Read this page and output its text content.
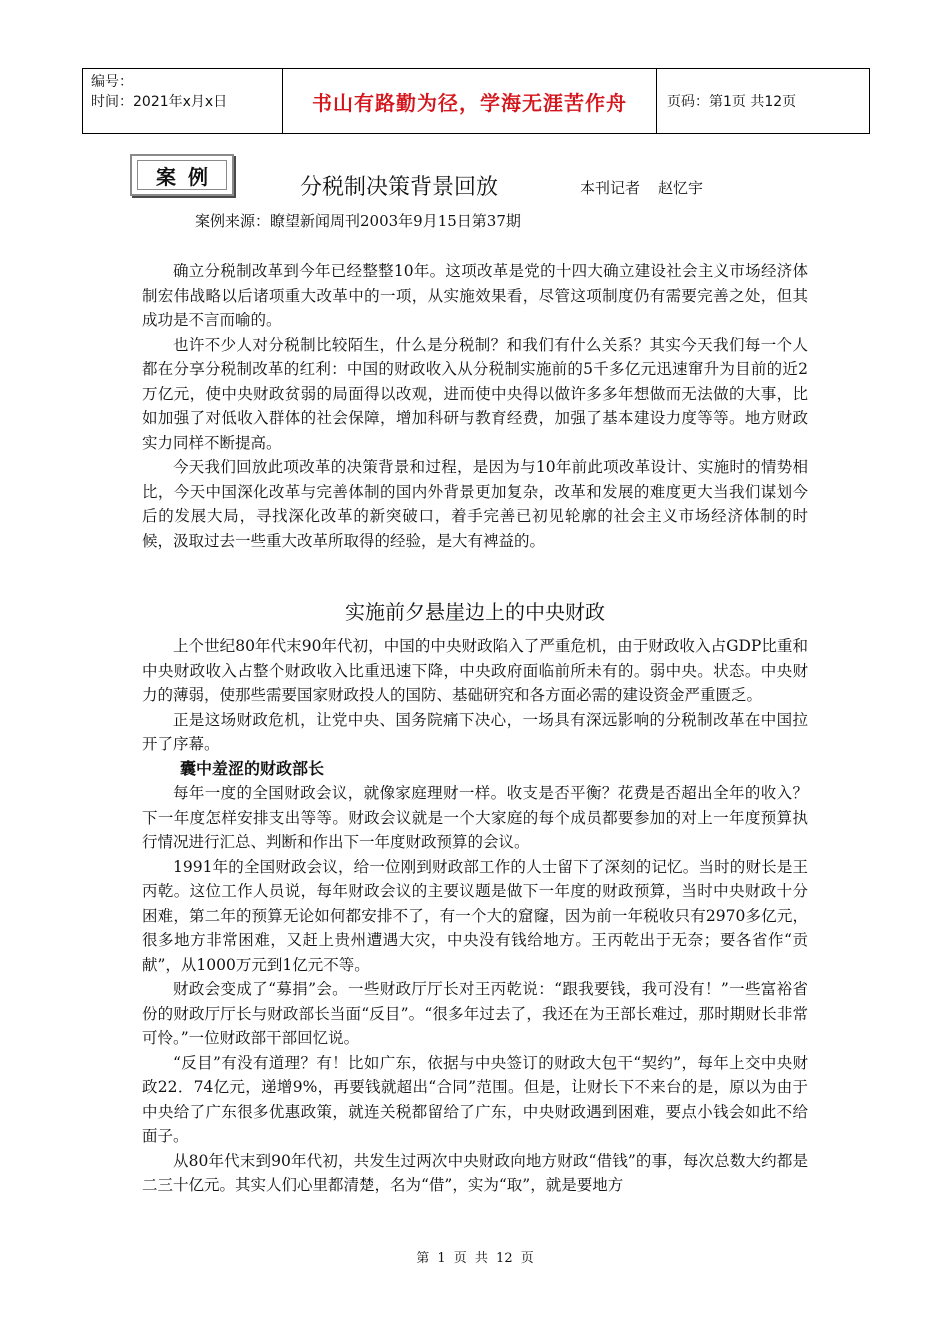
编号：
时间：2021年x月x日	书山有路勤为径，学海无涯苦作舟	页码：第1页 共12页
案例	分税制决策背景回放	本刊记者 赵忆宇
案例来源：瞭望新闻周刊2003年9月15日第37期

确立分税制改革到今年已经整整10年。这项改革是党的十四大确立建设社会主义市场经济体制宏伟战略以后诸项重大改革中的一项，从实施效果看，尽管这项制度仍有需要完善之处，但其成功是不言而喻的。

也许不少人对分税制比较陌生，什么是分税制？和我们有什么关系？其实今天我们每一个人都在分享分税制改革的红利：中国的财政收入从分税制实施前的5千多亿元迅速窜升为目前的近2万亿元，使中央财政贫弱的局面得以改观，进而使中央得以做许多多年想做而无法做的大事，比如加强了对低收入群体的社会保障，增加科研与教育经费，加强了基本建设力度等等。地方财政实力同样不断提高。

今天我们回放此项改革的决策背景和过程，是因为与10年前此项改革设计、实施时的情势相比，今天中国深化改革与完善体制的国内外背景更加复杂，改革和发展的难度更大当我们谋划今后的发展大局，寻找深化改革的新突破口，着手完善已初见轮廓的社会主义市场经济体制的时候，汲取过去一些重大改革所取得的经验，是大有裨益的。

实施前夕悬崖边上的中央财政

上个世纪80年代末90年代初，中国的中央财政陷入了严重危机，由于财政收入占GDP比重和中央财政收入占整个财政收入比重迅速下降，中央政府面临前所未有的。弱中央。状态。中央财力的薄弱，使那些需要国家财政投人的国防、基础研究和各方面必需的建设资金严重匮乏。

正是这场财政危机，让党中央、国务院痛下决心，一场具有深远影响的分税制改革在中国拉开了序幕。

囊中羞涩的财政部长

每年一度的全国财政会议，就像家庭理财一样。收支是否平衡？花费是否超出全年的收入？下一年度怎样安排支出等等。财政会议就是一个大家庭的每个成员都要参加的对上一年度预算执行情况进行汇总、判断和作出下一年度财政预算的会议。

1991年的全国财政会议，给一位刚到财政部工作的人士留下了深刻的记忆。当时的财长是王丙乾。这位工作人员说，每年财政会议的主要议题是做下一年度的财政预算，当时中央财政十分困难，第二年的预算无论如何都安排不了，有一个大的窟窿，因为前一年税收只有2970多亿元，很多地方非常困难，又赶上贵州遭遇大灾，中央没有钱给地方。王丙乾出于无奈；要各省作“贡献”，从1000万元到1亿元不等。

财政会变成了“募捐”会。一些财政厅厅长对王丙乾说：“跟我要钱，我可没有！”一些富裕省份的财政厅厅长与财政部长当面“反目”。“很多年过去了，我还在为王部长难过，那时期财长非常可怜。”一位财政部干部回忆说。

“反目”有没有道理？有！比如广东，依据与中央签订的财政大包干“契约”，每年上交中央财政22．74亿元，递增9%，再要钱就超出“合同”范围。但是，让财长下不来台的是，原以为由于中央给了广东很多优惠政策，就连关税都留给了广东，中央财政遇到困难，要点小钱会如此不给面子。

从80年代末到90年代初，共发生过两次中央财政向地方财政“借钱”的事，每次总数大约都是二三十亿元。其实人们心里都清楚，名为“借”，实为“取”，就是要地方

第 1 页 共 12 页
